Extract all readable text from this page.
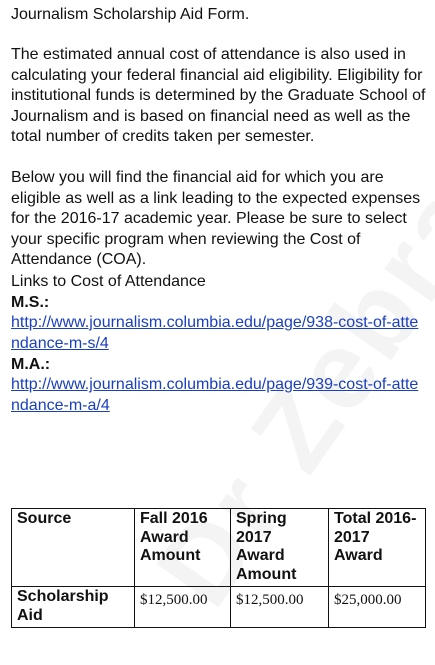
Journalism Scholarship Aid Form.

The estimated annual cost of attendance is also used in calculating your federal financial aid eligibility. Eligibility for institutional funds is determined by the Graduate School of Journalism and is based on financial need as well as the total number of credits taken per semester.

Below you will find the financial aid for which you are eligible as well as a link leading to the expected expenses for the 2016-17 academic year. Please be sure to select your specific program when reviewing the Cost of Attendance (COA).

Links to Cost of Attendance

M.S.:

http://www.journalism.columbia.edu/page/938-cost-of-attendance-m-s/4

M.A.:

http://www.journalism.columbia.edu/page/939-cost-of-attendance-m-a/4
Source	Fall 2016 Award Amount	Spring 2017 Award Amount	Total 2016-2017 Award
Scholarship Aid	$12,500.00	$12,500.00	$25,000.00
